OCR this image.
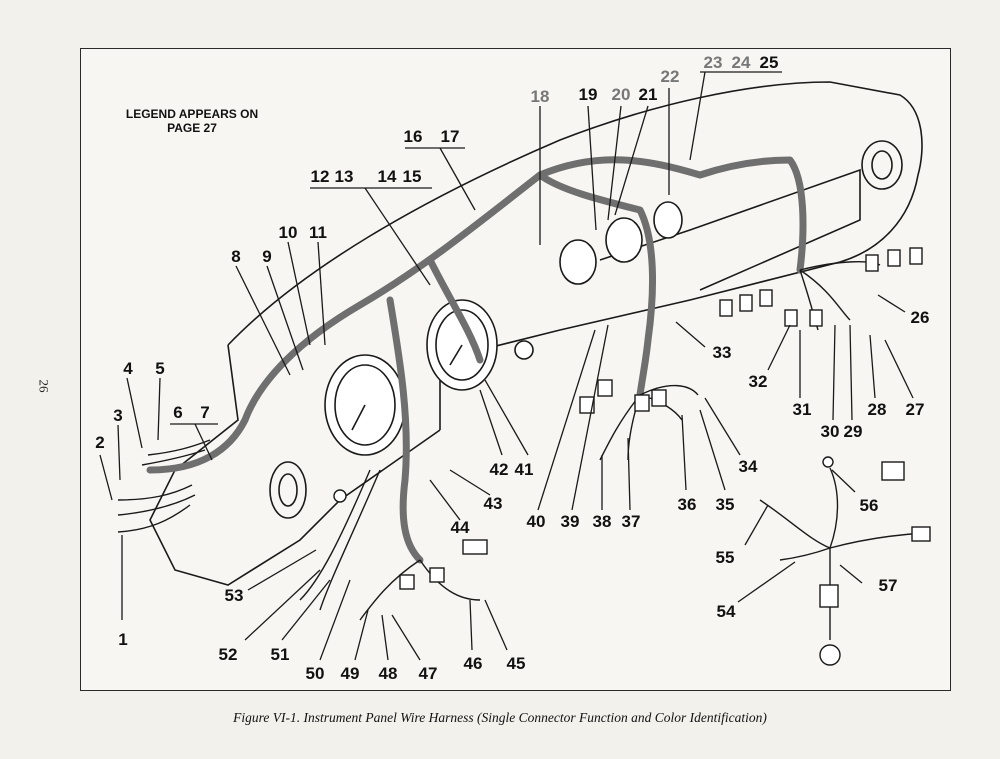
26
LEGEND APPEARS ON PAGE 27
1
2
3
4 5
6 7
8 9
10 11
12 13 14 15
16 17
18 19 20 21
22
23 24 25
26
27
28
29
30
31
32
33
34
35
36
37
38
39
40
41
42
43
44
45
46
47
48
49
50
51
52
53
54
55
56
57
Figure VI-1. Instrument Panel Wire Harness (Single Connector Function and Color Identification)
